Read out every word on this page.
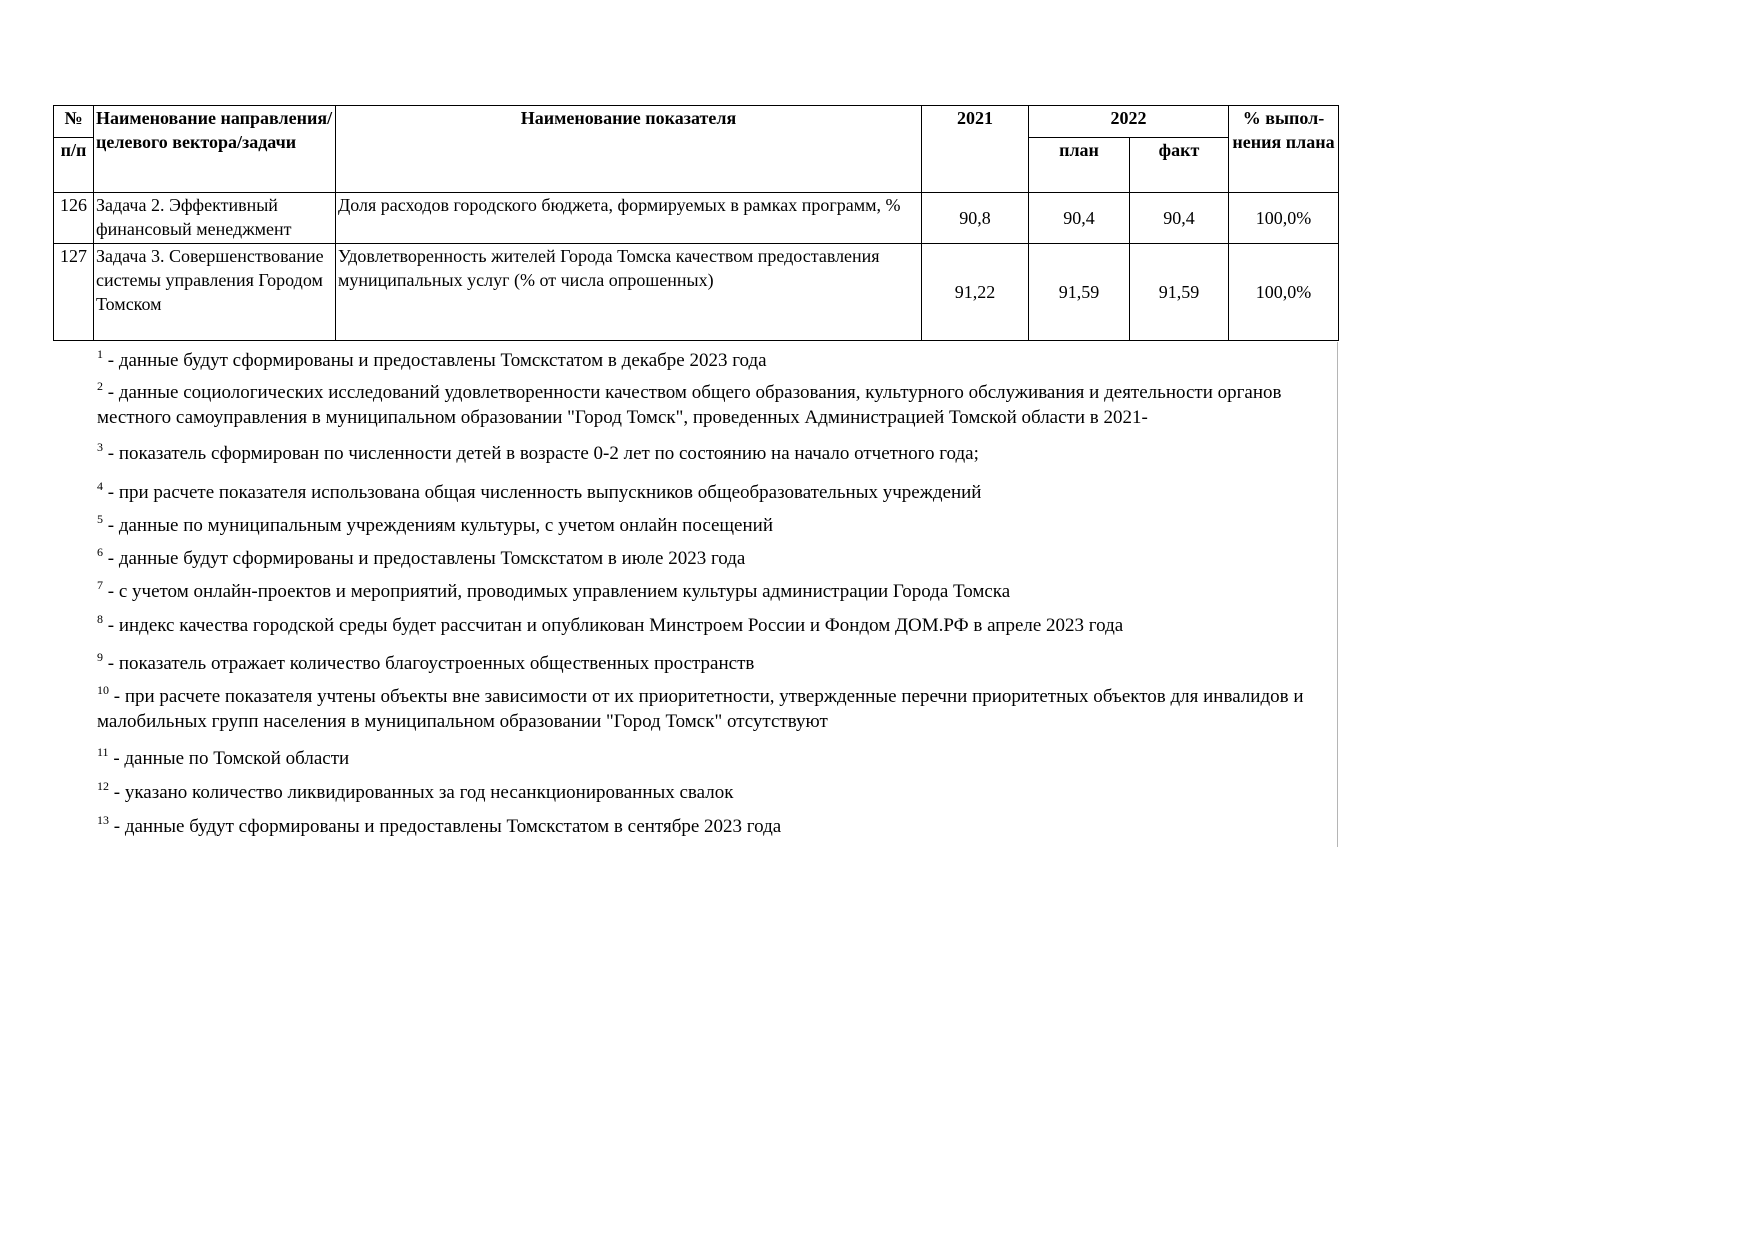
№	Наименование направления/целевого вектора/задачи	Наименование показателя	2021	2022		% выпол-нения плана
п/п				план	факт	
126	Задача 2. Эффективный финансовый менеджмент	Доля расходов городского бюджета, формируемых в рамках программ, %	90,8	90,4	90,4	100,0%
127	Задача 3. Совершенствование системы управления Городом Томском	Удовлетворенность жителей Города Томска качеством предоставления муниципальных услуг (% от числа опрошенных)	91,22	91,59	91,59	100,0%
$^1$ - данные будут сформированы и предоставлены Томскстатом в декабре 2023 года
$^2$ - данные социологических исследований удовлетворенности качеством общего образования, культурного обслуживания и деятельности органов местного самоуправления в муниципальном образовании "Город Томск", проведенных Администрацией Томской области в 2021-
$^3$ - показатель сформирован по численности детей в возрасте 0-2 лет по состоянию на начало отчетного года;
$^4$ - при расчете показателя использована общая численность выпускников общеобразовательных учреждений
$^5$ - данные по муниципальным учреждениям культуры, с учетом онлайн посещений
$^6$ - данные будут сформированы и предоставлены Томскстатом в июле 2023 года
$^7$ - с учетом онлайн-проектов и мероприятий, проводимых управлением культуры администрации Города Томска
$^8$ - индекс качества городской среды будет рассчитан и опубликован Минстроем России и Фондом ДОМ.РФ в апреле 2023 года
$^9$ - показатель отражает количество благоустроенных общественных пространств
$^{10}$ - при расчете показателя учтены объекты вне зависимости от их приоритетности, утвержденные перечни приоритетных объектов для инвалидов и малобильных групп населения в муниципальном образовании "Город Томск" отсутствуют
$^{11}$ - данные по Томской области
$^{12}$ - указано количество ликвидированных за год несанкционированных свалок
$^{13}$ - данные будут сформированы и предоставлены Томскстатом в сентябре 2023 года
